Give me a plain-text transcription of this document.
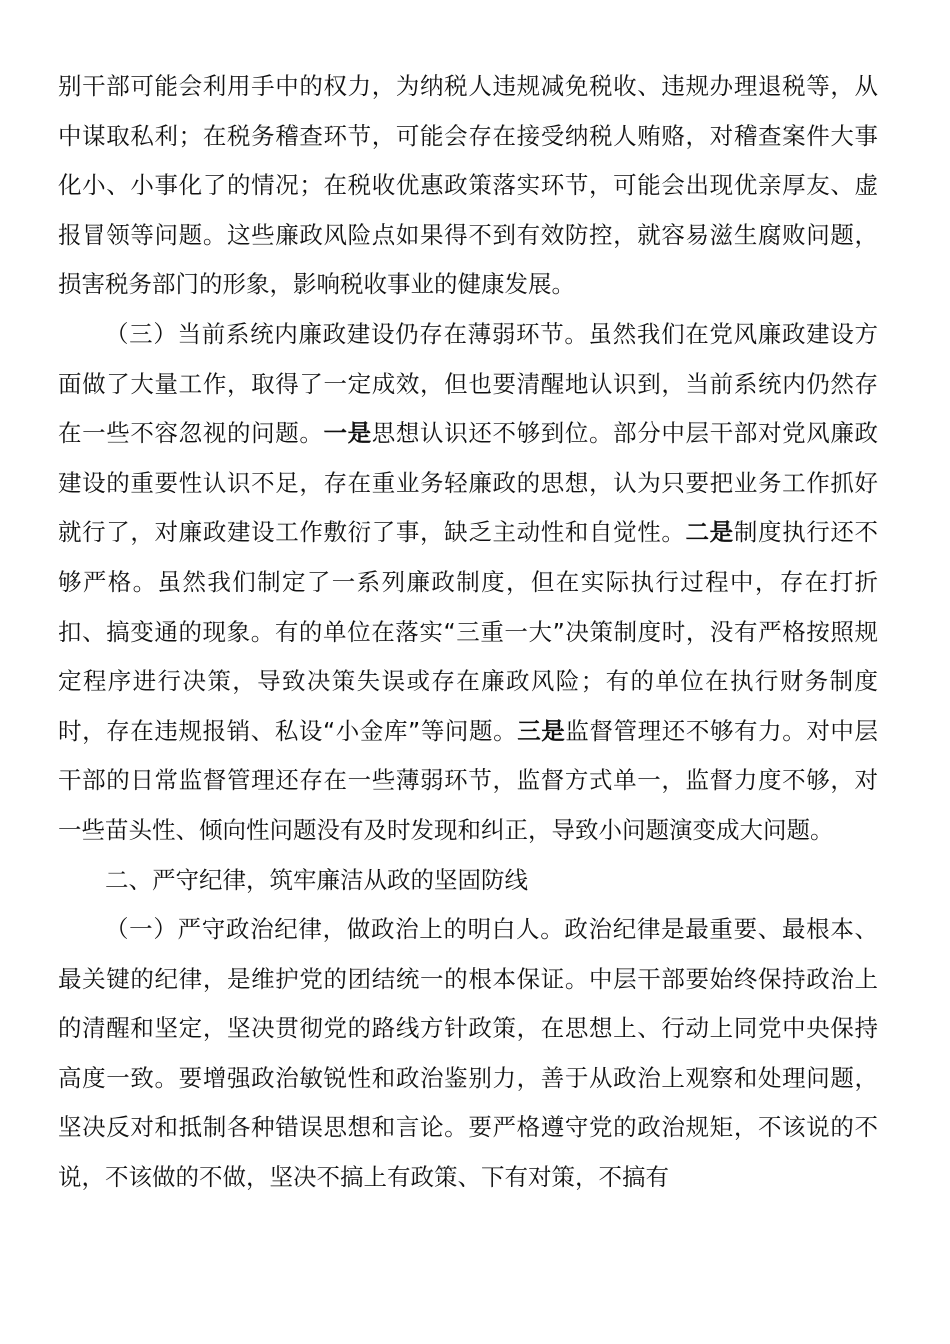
别干部可能会利用手中的权力，为纳税人违规减免税收、违规办理退税等，从中谋取私利；在税务稽查环节，可能会存在接受纳税人贿赂，对稽查案件大事化小、小事化了的情况；在税收优惠政策落实环节，可能会出现优亲厚友、虚报冒领等问题。这些廉政风险点如果得不到有效防控，就容易滋生腐败问题，损害税务部门的形象，影响税收事业的健康发展。

（三）当前系统内廉政建设仍存在薄弱环节。虽然我们在党风廉政建设方面做了大量工作，取得了一定成效，但也要清醒地认识到，当前系统内仍然存在一些不容忽视的问题。一是思想认识还不够到位。部分中层干部对党风廉政建设的重要性认识不足，存在重业务轻廉政的思想，认为只要把业务工作抓好就行了，对廉政建设工作敷衍了事，缺乏主动性和自觉性。二是制度执行还不够严格。虽然我们制定了一系列廉政制度，但在实际执行过程中，存在打折扣、搞变通的现象。有的单位在落实“三重一大”决策制度时，没有严格按照规定程序进行决策，导致决策失误或存在廉政风险；有的单位在执行财务制度时，存在违规报销、私设“小金库”等问题。三是监督管理还不够有力。对中层干部的日常监督管理还存在一些薄弱环节，监督方式单一，监督力度不够，对一些苗头性、倾向性问题没有及时发现和纠正，导致小问题演变成大问题。

二、严守纪律，筑牢廉洁从政的坚固防线

（一）严守政治纪律，做政治上的明白人。政治纪律是最重要、最根本、最关键的纪律，是维护党的团结统一的根本保证。中层干部要始终保持政治上的清醒和坚定，坚决贯彻党的路线方针政策，在思想上、行动上同党中央保持高度一致。要增强政治敏锐性和政治鉴别力，善于从政治上观察和处理问题，坚决反对和抵制各种错误思想和言论。要严格遵守党的政治规矩，不该说的不说，不该做的不做，坚决不搞上有政策、下有对策，不搞有
